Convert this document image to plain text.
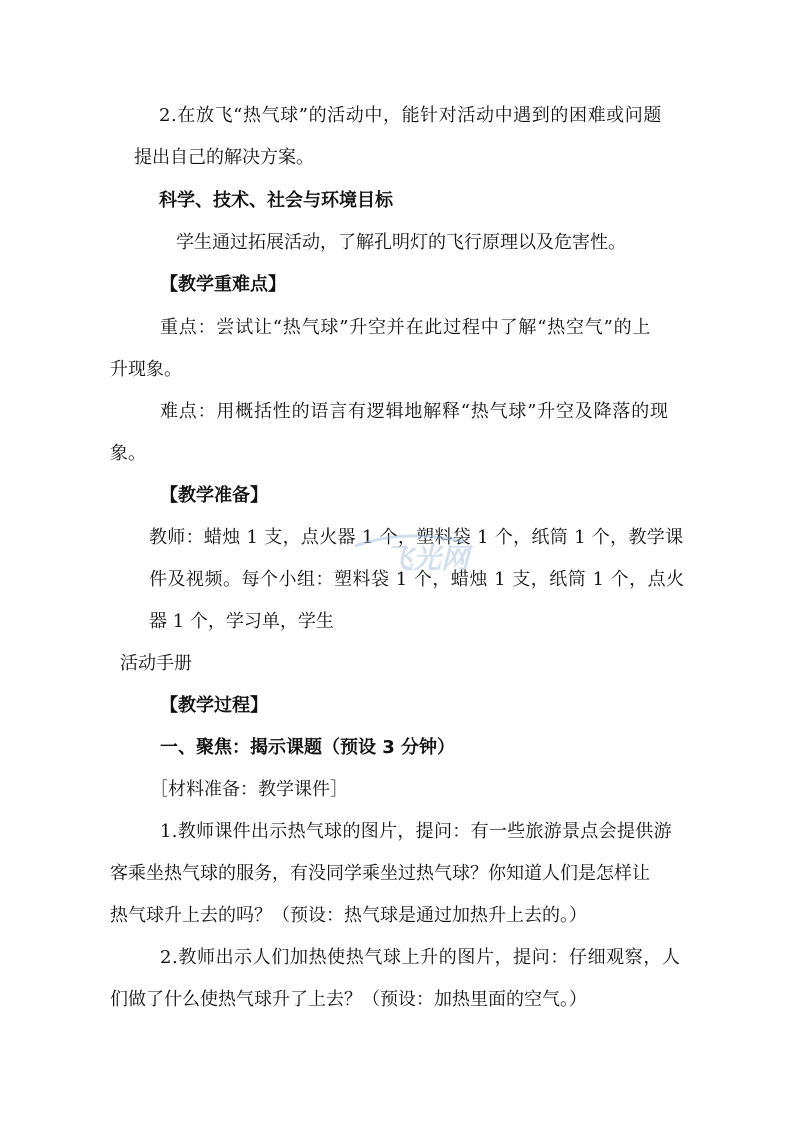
2.在放飞“热气球”的活动中，能针对活动中遇到的困难或问题

提出自己的解决方案。

科学、技术、社会与环境目标

学生通过拓展活动，了解孔明灯的飞行原理以及危害性。

【教学重难点】

重点：尝试让“热气球”升空并在此过程中了解“热空气”的上

升现象。

难点：用概括性的语言有逻辑地解释“热气球”升空及降落的现

象。

【教学准备】

教师：蜡烛 1 支，点火器 1 个，塑料袋 1 个，纸筒 1 个，教学课

件及视频。每个小组：塑料袋 1 个，蜡烛 1 支，纸筒 1 个，点火

器 1 个，学习单，学生

活动手册

【教学过程】

一、聚焦：揭示课题（预设 3 分钟）

［材料准备：教学课件］

1.教师课件出示热气球的图片，提问：有一些旅游景点会提供游

客乘坐热气球的服务，有没同学乘坐过热气球？你知道人们是怎样让

热气球升上去的吗？（预设：热气球是通过加热升上去的。）

2.教师出示人们加热使热气球上升的图片，提问：仔细观察，人

们做了什么使热气球升了上去？（预设：加热里面的空气。）

飞光网
